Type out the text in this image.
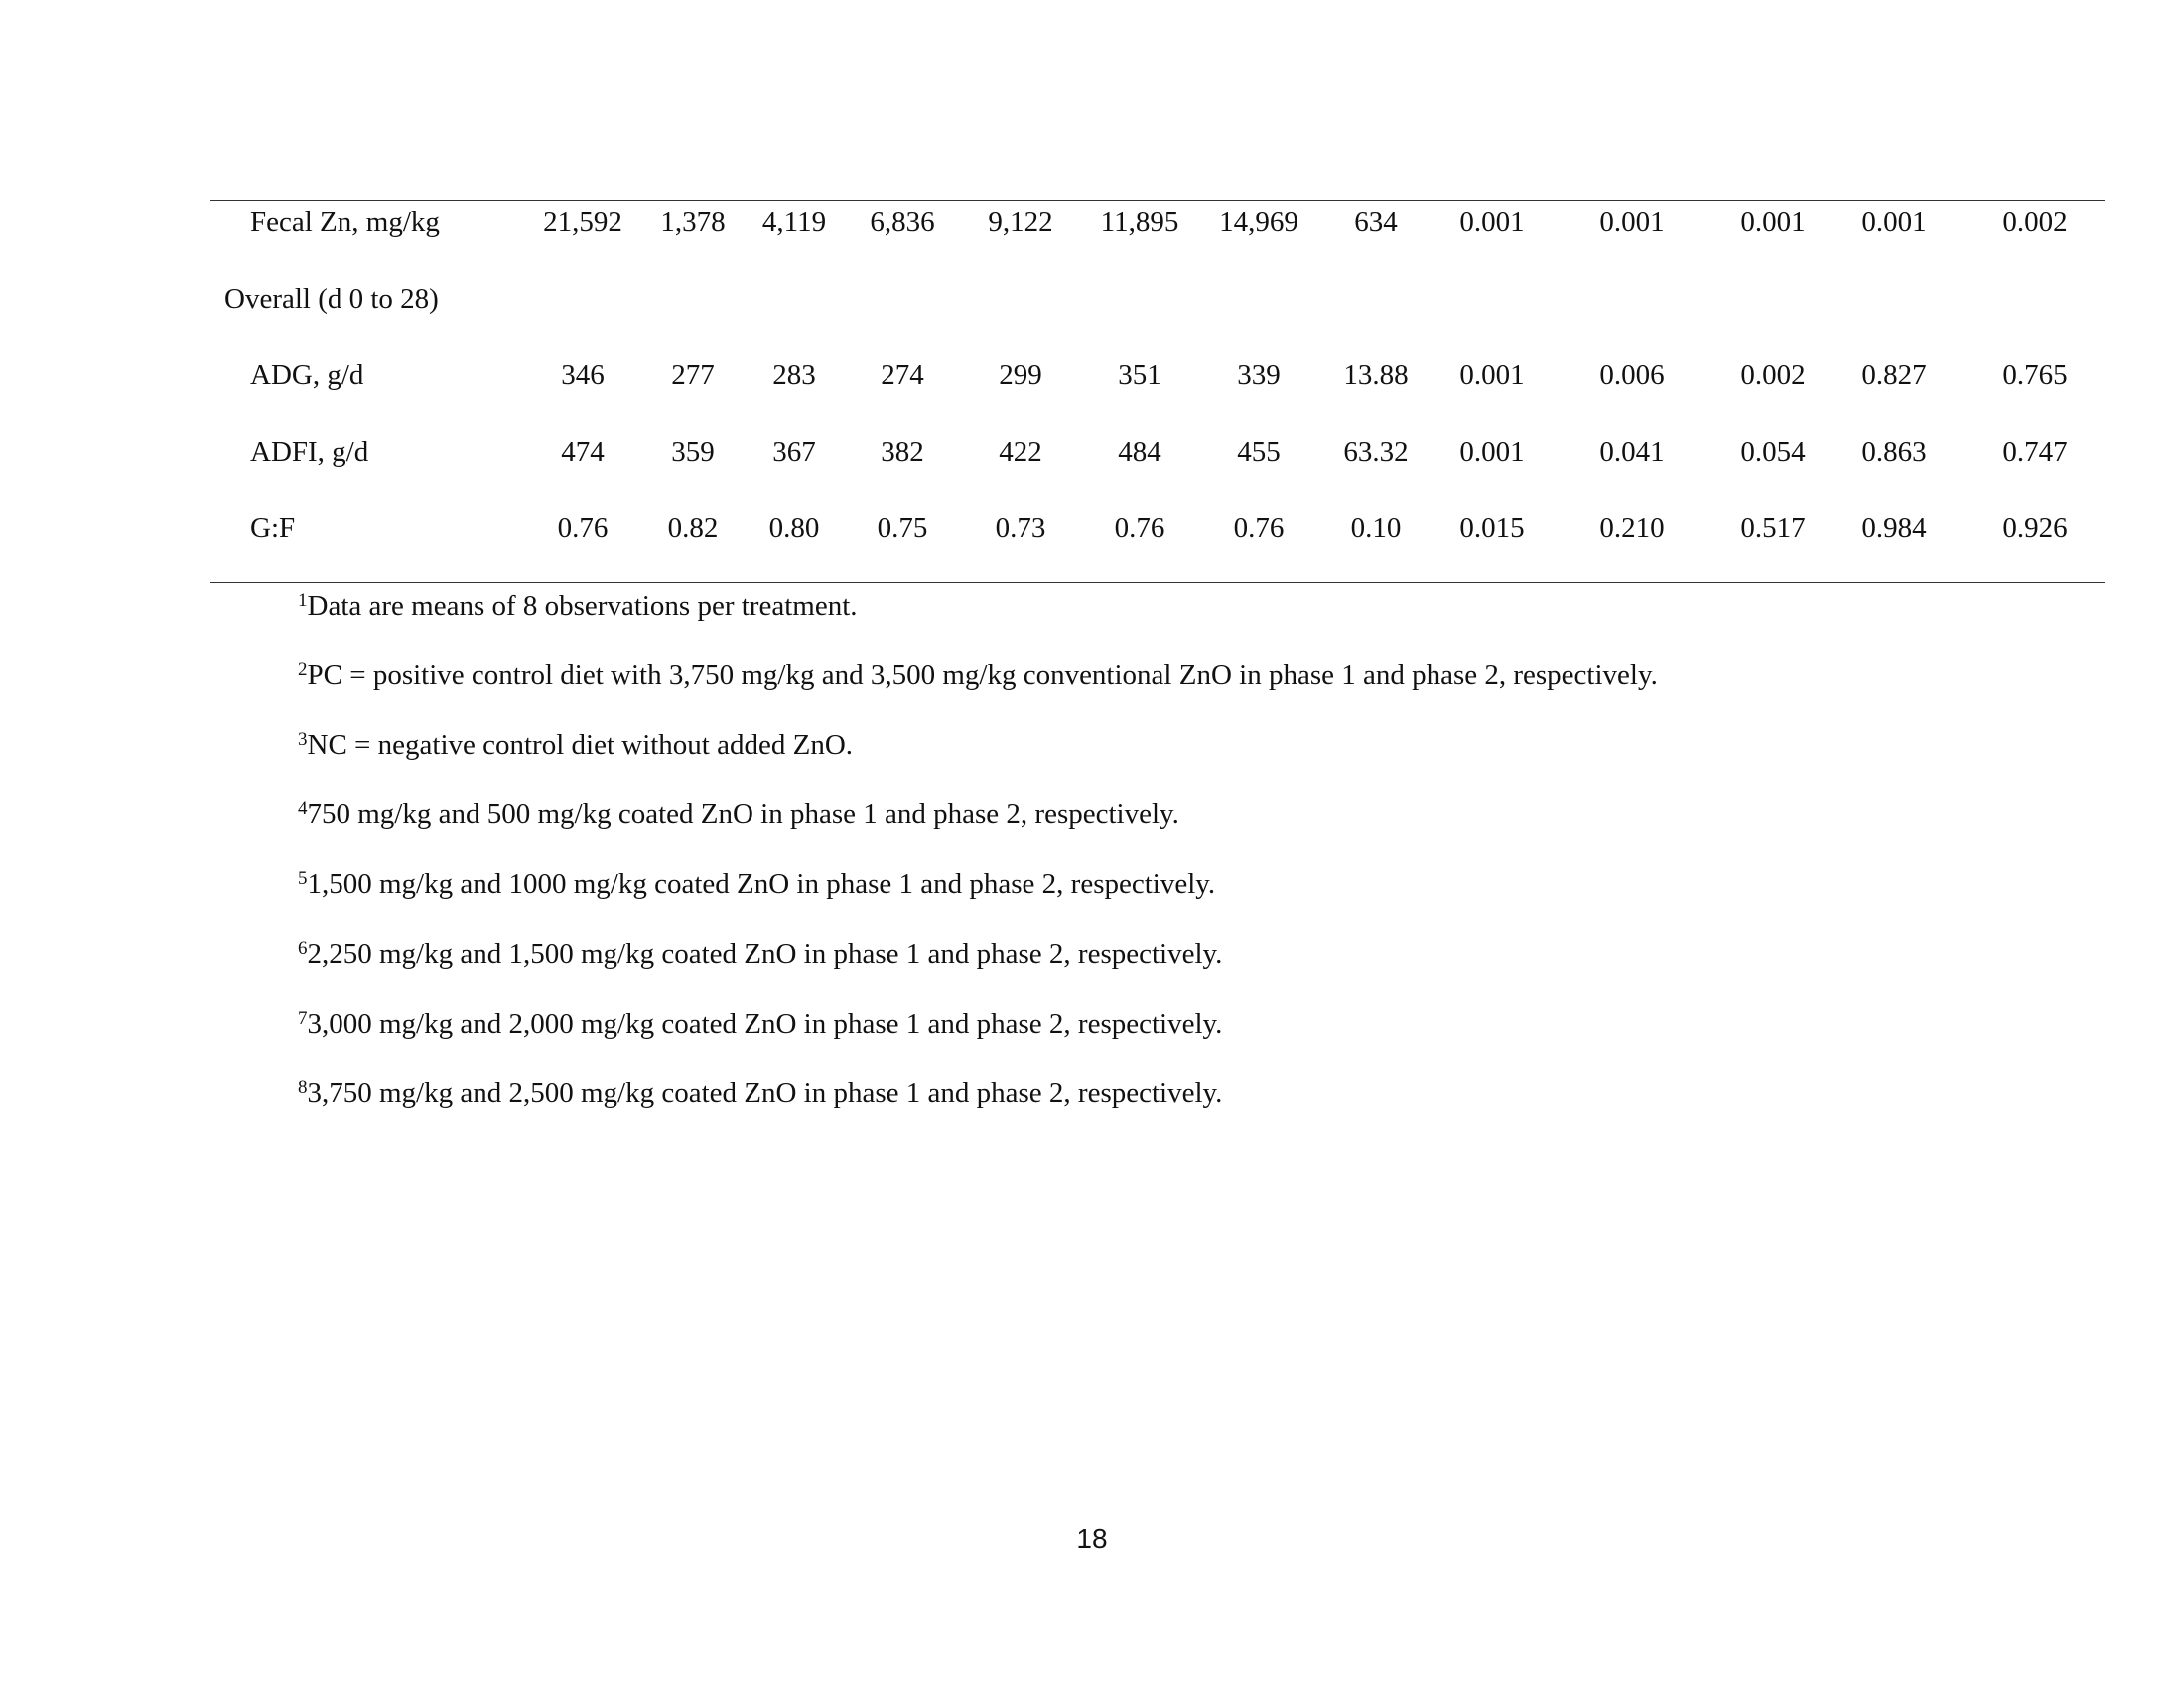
Fecal Zn, mg/kg	21,592 1,378 4,119 6,836 9,122 11,895 14,969 634 0.001	0.001	0.001 0.001	0.002
Overall (d 0 to 28)
ADG, g/d	346 277 283 274	299	351	339 13.88 0.001	0.006	0.002 0.827	0.765
ADFI, g/d	474 359 367 382	422	484	455 63.32 0.001	0.041	0.054 0.863	0.747
G:F	0.76 0.82 0.80 0.75 0.73 0.76 0.76 0.10 0.015	0.210	0.517 0.984	0.926
$^1$Data are means of 8 observations per treatment.
$^2$PC = positive control diet with 3,750 mg/kg and 3,500 mg/kg conventional ZnO in phase 1 and phase 2, respectively.
$^3$NC = negative control diet without added ZnO.
$^4$750 mg/kg and 500 mg/kg coated ZnO in phase 1 and phase 2, respectively.
$^5$1,500 mg/kg and 1000 mg/kg coated ZnO in phase 1 and phase 2, respectively.
$^6$2,250 mg/kg and 1,500 mg/kg coated ZnO in phase 1 and phase 2, respectively.
$^7$3,000 mg/kg and 2,000 mg/kg coated ZnO in phase 1 and phase 2, respectively.
$^8$3,750 mg/kg and 2,500 mg/kg coated ZnO in phase 1 and phase 2, respectively.
18
